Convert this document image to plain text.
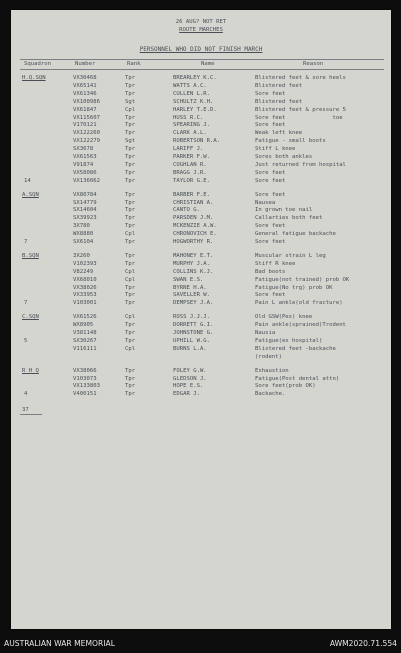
26 AUG? NOT RET
ROUTE MARCHES
PERSONNEL WHO DID NOT FINISH MARCH
Squadron	Number	Rank	Name	Reason
H.Q.SQN	VX30468	Tpr	BREARLEY K.C.	Blistered feet & sore heels
VX65141	Tpr	WATTS A.C.	Blistered feet
VX61346	Tpr	CULLEN L.R.	Sore feet
VX100986	Sgt	SCHULTZ K.H.	Blistered feet
VX61847	Cpl	HARLEY T.E.D.	Blistered feet & pressure 5
VX115607	Tpr	HUSS R.C.	Sore feet              toe
V170121	Tpr	SPEARING J.	Sore feet
VX122260	Tpr	CLARK A.L.	Weak left knee
VX122279	Sgt	ROBERTSON R.A.	Fatigue - small boots
SX3678	Tpr	LARIFF J.	Stiff L knee
VX61563	Tpr	PARKER F.W.	Sores both ankles
V91874	Tpr	COGHLAN R.	Just returned from hospital
VX58086	Tpr	BRAGG J.R.	Sore feet
14	VX136062	Tpr	TAYLOR G.E.	Sore feet
A.SQN	VX80784	Tpr	BARBER F.E.	Sore feet
SX14779	Tpr	CHRISTIAN A.	Nausea
SX14604	Tpr	CANTO G.	In grown toe nail
SX39923	Tpr	PARSDEN J.M.	Callarties both feet
3X780	Tpr	MCKENZIE A.W.	Sore feet
WX8880	Cpl	CHRONOVICH E.	General fatigue backache
7	SX6104	Tpr	HOGWORTHY R.	Sore feet
B.SQN	3X260	Tpr	MAHONEY E.T.	Muscular strain L leg
V102393	Tpr	MURPHY J.A.	Stiff R knee
V82249	Cpl	COLLINS K.J.	Bad boots
VX68010	Cpl	SWAN E.S.	Fatigue(not trained) prob OK
VX38026	Tpr	BYRNE H.A.	Fatigue(No trg) prob OK
VX33953	Tpr	SAVELLER W.	Sore feet
7	V103001	Tpr	DEMPSEY J.A.	Pain L ankle(old fracture)
C.SQN	VX61526	Cpl	ROSS J.J.J.	Old GSW(Pes) knee
WX8905	Tpr	DORRETT G.I.	Pain ankle(sprained)Trodent
V381148	Tpr	JOHNSTONE G.	Nausia
5	SX30267	Tpr	UPHILL W.G.	Fatigue(ex hospital)
V116111	Cpl	BURNS L.A.	Blistered feet -backache
(rodent)
R H Q	VX38066	Tpr	FOLEY G.W.	Exhaustion
V103073	Tpr	GLEDSON J.	Fatigue(Post dental attn)
VX133803	Tpr	HOPE E.S.	Sore feet(prob OK)
4	V400151	Tpr	EDGAR J.	Backache.
37
AUSTRALIAN WAR MEMORIAL	AWM2020.71.554
